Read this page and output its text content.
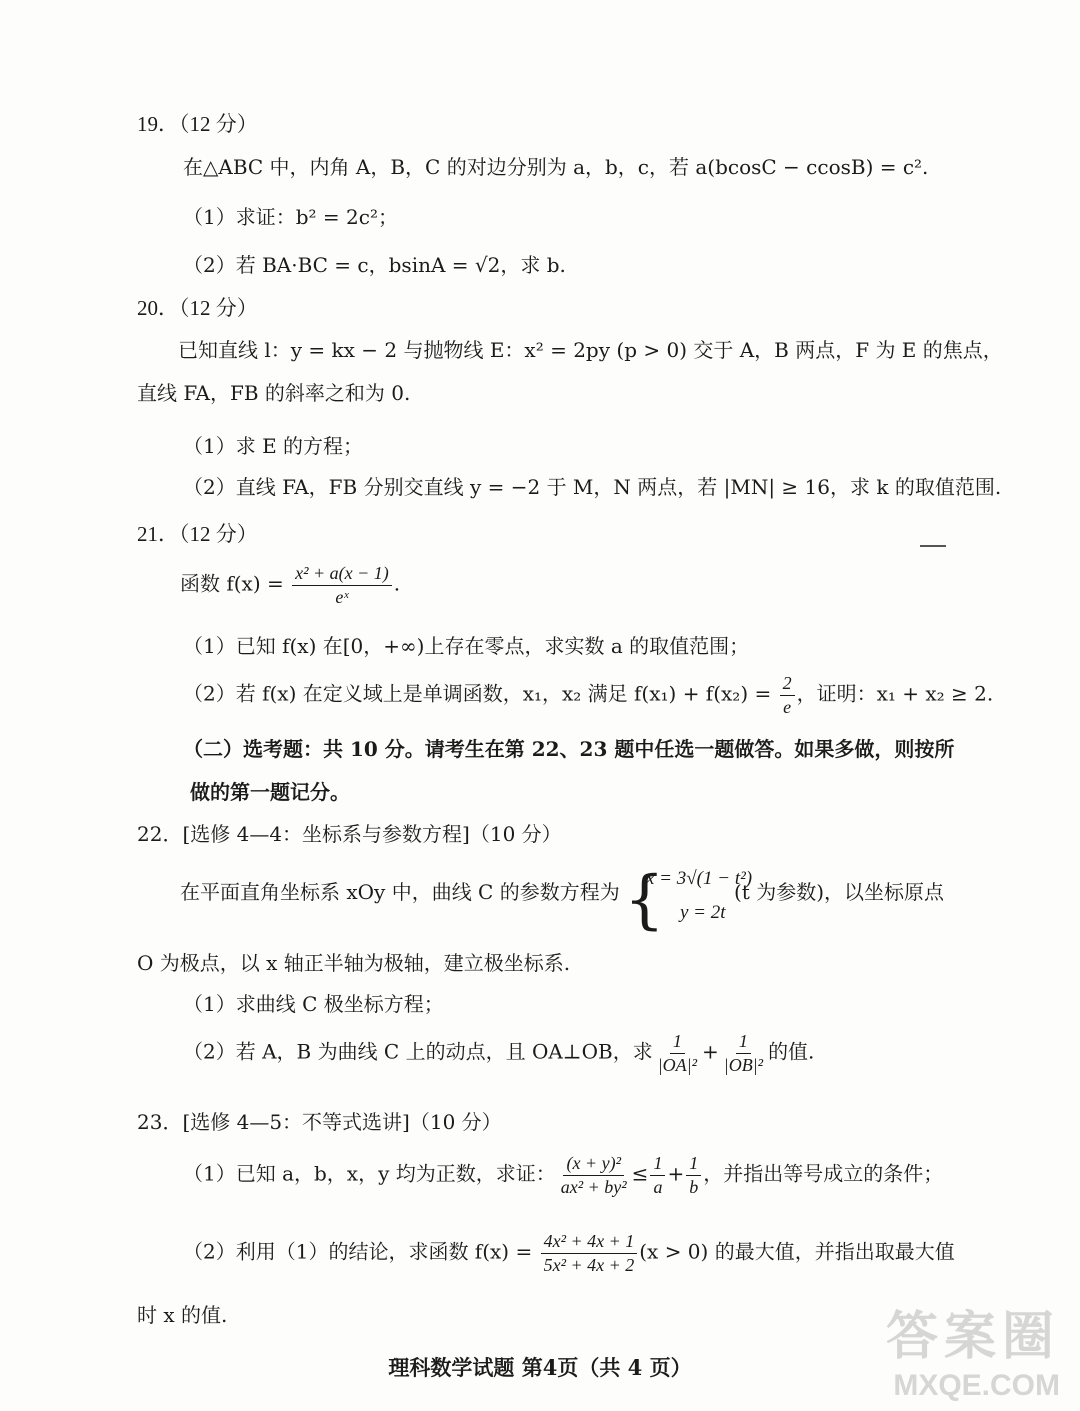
19．（12 分）
在△ABC 中，内角 A，B，C 的对边分别为 a，b，c，若 a(bcosC − ccosB) = c².
（1）求证：b² = 2c²；
（2）若 BA·BC = c，bsinA = √2，求 b.
20．（12 分）
已知直线 l：y = kx − 2 与抛物线 E：x² = 2py (p > 0) 交于 A，B 两点，F 为 E 的焦点，
直线 FA，FB 的斜率之和为 0.
（1）求 E 的方程；
（2）直线 FA，FB 分别交直线 y = −2 于 M，N 两点，若 |MN| ≥ 16，求 k 的取值范围.
21．（12 分）
函数 $f(x) = \frac{\text{x² + a(x − 1)}}{\text{eˣ}}$ .
（1）已知 f(x) 在[0，+∞)上存在零点，求实数 a 的取值范围；
（2）若 f(x) 在定义域上是单调函数，x₁，x₂ 满足 $f(x_1) + f(x_2) = \frac{2}{e}$ ，证明：x₁ + x₂ ≥ 2.
（二）选考题：共 10 分。请考生在第 22、23 题中任选一题做答。如果多做，则按所
做的第一题记分。
22．[选修 4—4：坐标系与参数方程]（10 分）
在平面直角坐标系 xOy 中，曲线 C 的参数方程为 {
x = 3√(1 − t²)
y = 2t
(t 为参数)，以坐标原点
O 为极点，以 x 轴正半轴为极轴，建立极坐标系.
（1）求曲线 C 极坐标方程；
（2）若 A，B 为曲线 C 上的动点，且 OA⊥OB，求 $\frac{1}{\text{|OA|²}} + \frac{1}{\text{|OB|²}}$ 的值.
23．[选修 4—5：不等式选讲]（10 分）
（1）已知 a，b，x，y 均为正数，求证： $\frac{\text{(x + y)²}}{\text{ax² + by²}} \le \frac{1}{a} + \frac{1}{b}$ ，并指出等号成立的条件；
（2）利用（1）的结论，求函数 $f(x) = \frac{\text{4x² + 4x + 1}}{\text{5x² + 4x + 2}} (x > 0)$ 的最大值，并指出取最大值
时 x 的值.
理科数学试题 第4页（共 4 页）
答案圈
MXQE.COM
